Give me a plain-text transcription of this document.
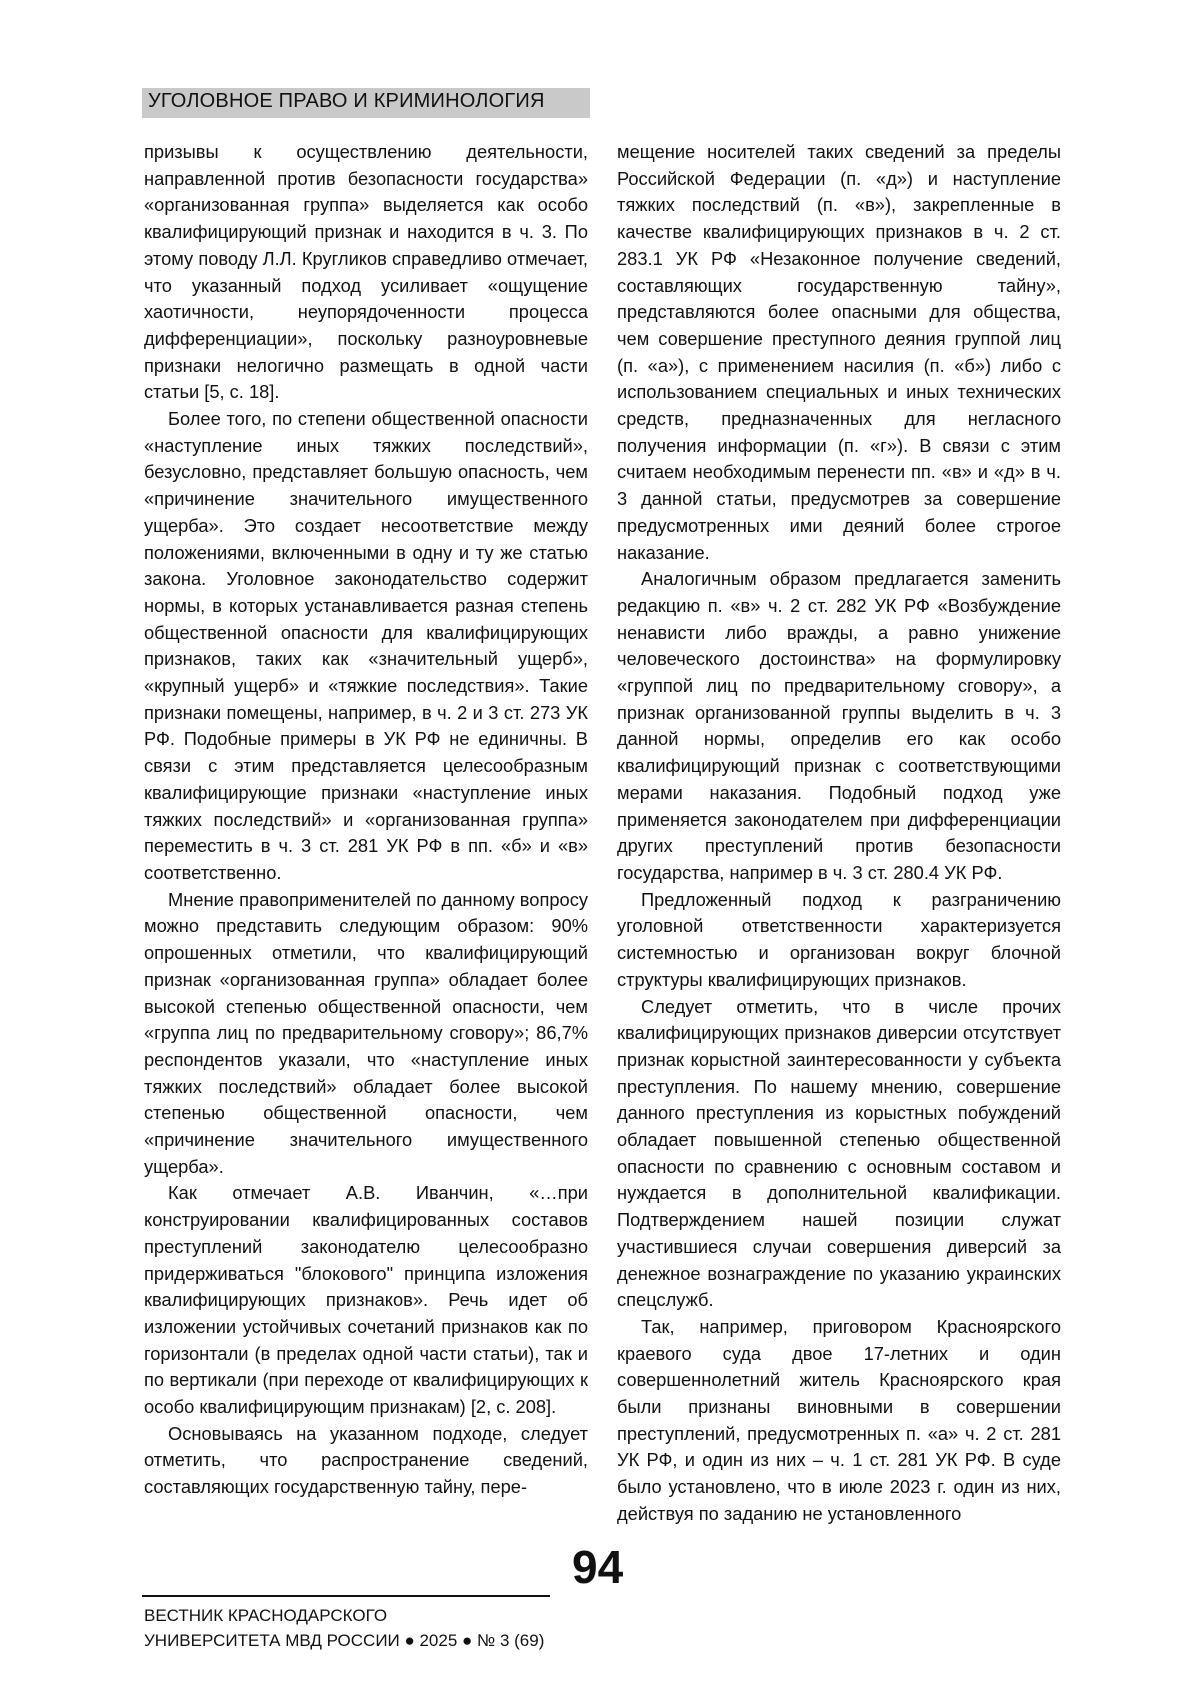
УГОЛОВНОЕ ПРАВО И КРИМИНОЛОГИЯ

призывы к осуществлению деятельности, направленной против безопасности государства» «организованная группа» выделяется как особо квалифицирующий признак и находится в ч. 3. По этому поводу Л.Л. Кругликов справедливо отмечает, что указанный подход усиливает «ощущение хаотичности, неупорядоченности процесса дифференциации», поскольку разноуровневые признаки нелогично размещать в одной части статьи [5, с. 18].

Более того, по степени общественной опасности «наступление иных тяжких последствий», безусловно, представляет большую опасность, чем «причинение значительного имущественного ущерба». Это создает несоответствие между положениями, включенными в одну и ту же статью закона. Уголовное законодательство содержит нормы, в которых устанавливается разная степень общественной опасности для квалифицирующих признаков, таких как «значительный ущерб», «крупный ущерб» и «тяжкие последствия». Такие признаки помещены, например, в ч. 2 и 3 ст. 273 УК РФ. Подобные примеры в УК РФ не единичны. В связи с этим представляется целесообразным квалифицирующие признаки «наступление иных тяжких последствий» и «организованная группа» переместить в ч. 3 ст. 281 УК РФ в пп. «б» и «в» соответственно.

Мнение правоприменителей по данному вопросу можно представить следующим образом: 90% опрошенных отметили, что квалифицирующий признак «организованная группа» обладает более высокой степенью общественной опасности, чем «группа лиц по предварительному сговору»; 86,7% респондентов указали, что «наступление иных тяжких последствий» обладает более высокой степенью общественной опасности, чем «причинение значительного имущественного ущерба».

Как отмечает А.В. Иванчин, «…при конструировании квалифицированных составов преступлений законодателю целесообразно придерживаться "блокового" принципа изложения квалифицирующих признаков». Речь идет об изложении устойчивых сочетаний признаков как по горизонтали (в пределах одной части статьи), так и по вертикали (при переходе от квалифицирующих к особо квалифицирующим признакам) [2, с. 208].

Основываясь на указанном подходе, следует отметить, что распространение сведений, составляющих государственную тайну, пере-

мещение носителей таких сведений за пределы Российской Федерации (п. «д») и наступление тяжких последствий (п. «в»), закрепленные в качестве квалифицирующих признаков в ч. 2 ст. 283.1 УК РФ «Незаконное получение сведений, составляющих государственную тайну», представляются более опасными для общества, чем совершение преступного деяния группой лиц (п. «а»), с применением насилия (п. «б») либо с использованием специальных и иных технических средств, предназначенных для негласного получения информации (п. «г»). В связи с этим считаем необходимым перенести пп. «в» и «д» в ч. 3 данной статьи, предусмотрев за совершение предусмотренных ими деяний более строгое наказание.

Аналогичным образом предлагается заменить редакцию п. «в» ч. 2 ст. 282 УК РФ «Возбуждение ненависти либо вражды, а равно унижение человеческого достоинства» на формулировку «группой лиц по предварительному сговору», а признак организованной группы выделить в ч. 3 данной нормы, определив его как особо квалифицирующий признак с соответствующими мерами наказания. Подобный подход уже применяется законодателем при дифференциации других преступлений против безопасности государства, например в ч. 3 ст. 280.4 УК РФ.

Предложенный подход к разграничению уголовной ответственности характеризуется системностью и организован вокруг блочной структуры квалифицирующих признаков.

Следует отметить, что в числе прочих квалифицирующих признаков диверсии отсутствует признак корыстной заинтересованности у субъекта преступления. По нашему мнению, совершение данного преступления из корыстных побуждений обладает повышенной степенью общественной опасности по сравнению с основным составом и нуждается в дополнительной квалификации. Подтверждением нашей позиции служат участившиеся случаи совершения диверсий за денежное вознаграждение по указанию украинских спецслужб.

Так, например, приговором Красноярского краевого суда двое 17-летних и один совершеннолетний житель Красноярского края были признаны виновными в совершении преступлений, предусмотренных п. «а» ч. 2 ст. 281 УК РФ, и один из них – ч. 1 ст. 281 УК РФ. В суде было установлено, что в июле 2023 г. один из них, действуя по заданию не установленного

94
ВЕСТНИК КРАСНОДАРСКОГО
УНИВЕРСИТЕТА МВД РОССИИ ● 2025 ● № 3 (69)
